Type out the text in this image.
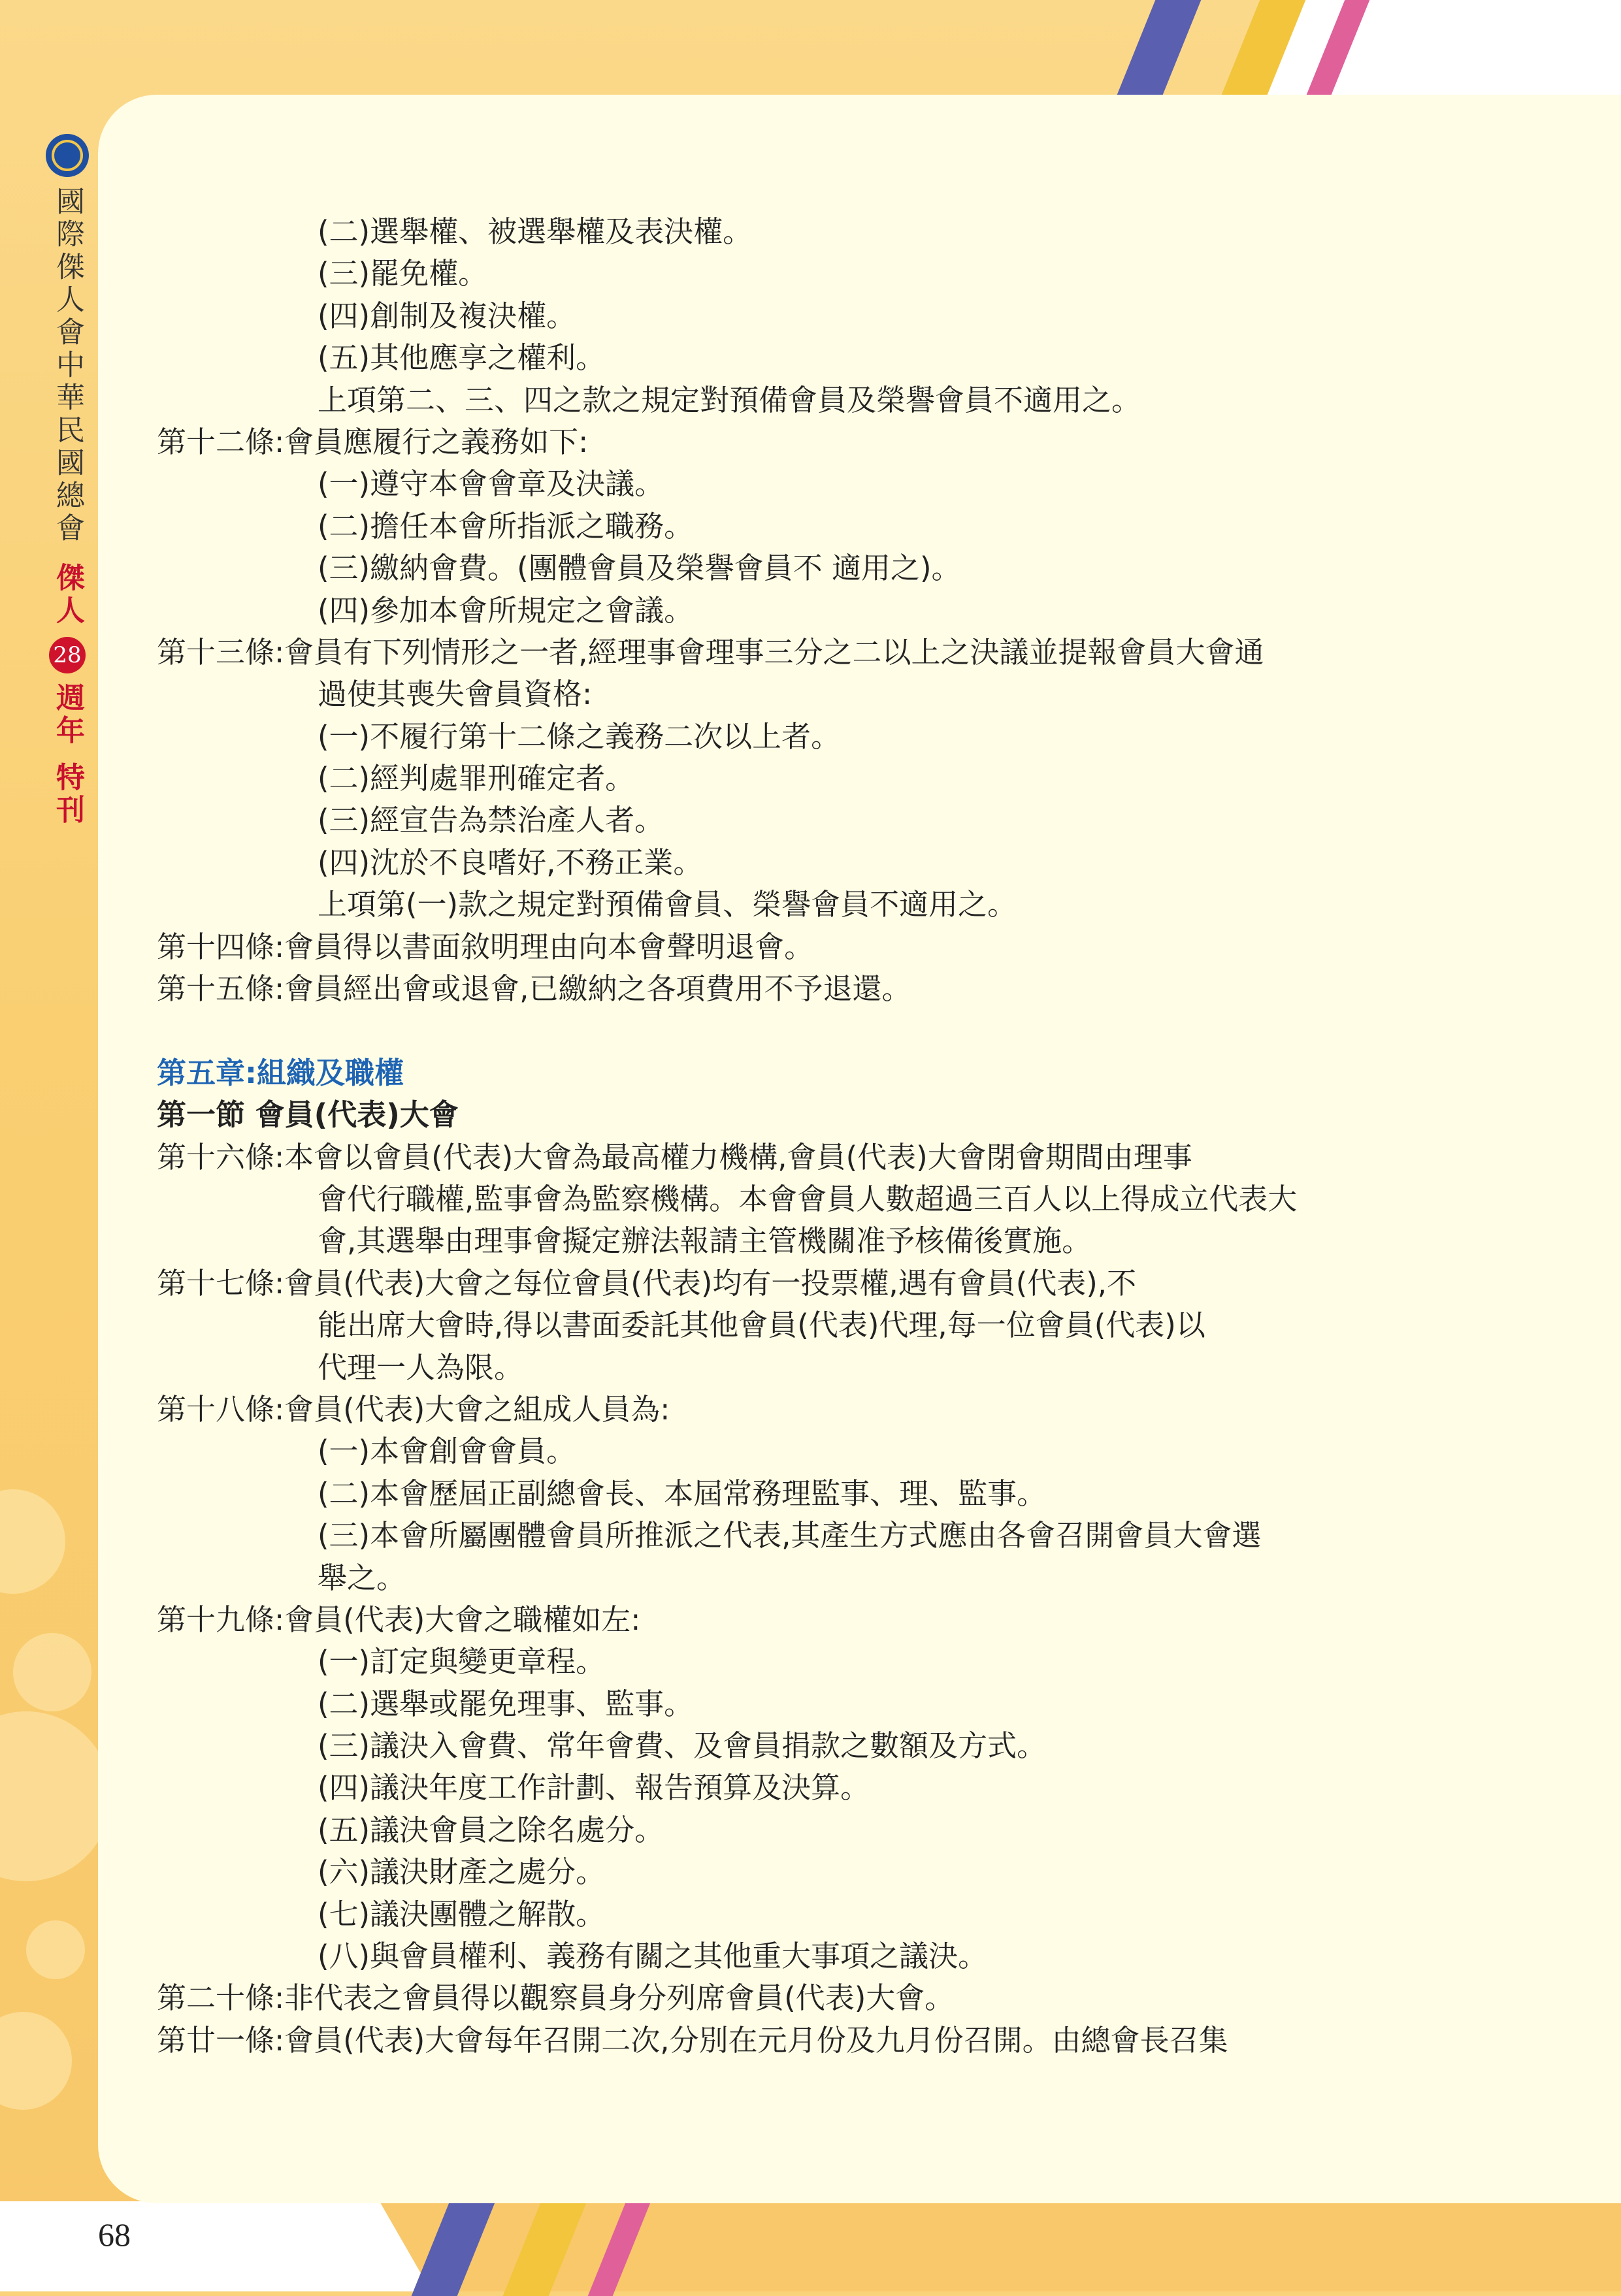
國際傑人會中華民國總會
傑人
28
週年 特刊
68
(二)選舉權、被選舉權及表決權。
(三)罷免權。
(四)創制及複決權。
(五)其他應享之權利。
上項第二、三、四之款之規定對預備會員及榮譽會員不適用之。
第十二條:會員應履行之義務如下:
(一)遵守本會會章及決議。
(二)擔任本會所指派之職務。
(三)繳納會費。(團體會員及榮譽會員不 適用之)。
(四)參加本會所規定之會議。
第十三條:會員有下列情形之一者,經理事會理事三分之二以上之決議並提報會員大會通
過使其喪失會員資格:
(一)不履行第十二條之義務二次以上者。
(二)經判處罪刑確定者。
(三)經宣告為禁治產人者。
(四)沈於不良嗜好,不務正業。
上項第(一)款之規定對預備會員、榮譽會員不適用之。
第十四條:會員得以書面敘明理由向本會聲明退會。
第十五條:會員經出會或退會,已繳納之各項費用不予退還。
第五章:組織及職權
第一節 會員(代表)大會
第十六條:本會以會員(代表)大會為最高權力機構,會員(代表)大會閉會期間由理事
會代行職權,監事會為監察機構。本會會員人數超過三百人以上得成立代表大
會,其選舉由理事會擬定辦法報請主管機關准予核備後實施。
第十七條:會員(代表)大會之每位會員(代表)均有一投票權,遇有會員(代表),不
能出席大會時,得以書面委託其他會員(代表)代理,每一位會員(代表)以
代理一人為限。
第十八條:會員(代表)大會之組成人員為:
(一)本會創會會員。
(二)本會歷屆正副總會長、本屆常務理監事、理、監事。
(三)本會所屬團體會員所推派之代表,其產生方式應由各會召開會員大會選
舉之。
第十九條:會員(代表)大會之職權如左:
(一)訂定與變更章程。
(二)選舉或罷免理事、監事。
(三)議決入會費、常年會費、及會員捐款之數額及方式。
(四)議決年度工作計劃、報告預算及決算。
(五)議決會員之除名處分。
(六)議決財產之處分。
(七)議決團體之解散。
(八)與會員權利、義務有關之其他重大事項之議決。
第二十條:非代表之會員得以觀察員身分列席會員(代表)大會。
第廿一條:會員(代表)大會每年召開二次,分別在元月份及九月份召開。由總會長召集
